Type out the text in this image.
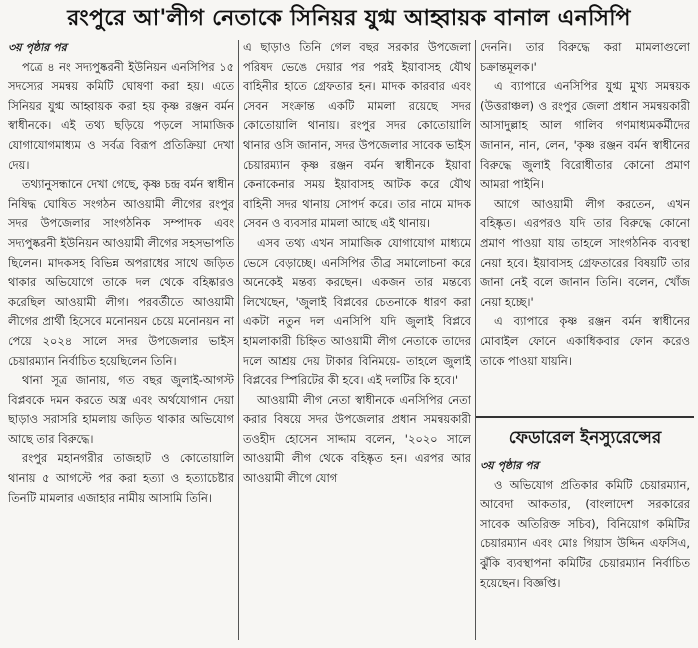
রংপুরে আ'লীগ নেতাকে সিনিয়র যুগ্ম আহ্বায়ক বানাল এনসিপি

৩য় পৃষ্ঠার পর

পত্রে ৪ নং সদ্যপুষ্করনী ইউনিয়ন এনসিপির ১৫ সদস্যের সমন্বয় কমিটি ঘোষণা করা হয়। এতে সিনিয়র যুগ্ম আহ্বায়ক করা হয় কৃষ্ণ রঞ্জন বর্মন স্বাধীনকে। এই তথ্য ছড়িয়ে পড়লে সামাজিক যোগাযোগমাধ্যম ও সর্বত্র বিরূপ প্রতিক্রিয়া দেখা দেয়।

তথ্যানুসন্ধানে দেখা গেছে, কৃষ্ণ চন্দ্র বর্মন স্বাধীন নিষিদ্ধ ঘোষিত সংগঠন আওয়ামী লীগের রংপুর সদর উপজেলার সাংগঠনিক সম্পাদক এবং সদ্যপুষ্করনী ইউনিয়ন আওয়ামী লীগের সহসভাপতি ছিলেন। মাদকসহ বিভিন্ন অপরাধের সাথে জড়িত থাকার অভিযোগে তাকে দল থেকে বহিষ্কারও করেছিল আওয়ামী লীগ। পরবর্তীতে আওয়ামী লীগের প্রার্থী হিসেবে মনোনয়ন চেয়ে মনোনয়ন না পেয়ে ২০২৪ সালে সদর উপজেলার ভাইস চেয়ারম্যান নির্বাচিত হয়েছিলেন তিনি।

থানা সূত্র জানায়, গত বছর জুলাই-আগস্ট বিপ্লবকে দমন করতে অস্ত্র এবং অর্থযোগান দেয়া ছাড়াও সরাসরি হামলায় জড়িত থাকার অভিযোগ আছে তার বিরুদ্ধে।

রংপুর মহানগরীর তাজহাট ও কোতোয়ালি থানায় ৫ আগস্টে পর করা হত্যা ও হত্যাচেষ্টার তিনটি মামলার এজাহার নামীয় আসামি তিনি।

এ ছাড়াও তিনি গেল বছর সরকার উপজেলা পরিষদ ভেঙে দেয়ার পর পরই ইয়াবাসহ যৌথ বাহিনীর হাতে গ্রেফতার হন। মাদক কারবার এবং সেবন সংক্রান্ত একটি মামলা রয়েছে সদর কোতোয়ালি থানায়। রংপুর সদর কোতোয়ালি থানার ওসি জানান, সদর উপজেলার সাবেক ভাইস চেয়ারম্যান কৃষ্ণ রঞ্জন বর্মন স্বাধীনকে ইয়াবা কেনাকেনার সময় ইয়াবাসহ আটক করে যৌথ বাহিনী সদর থানায় সোপর্দ করে। তার নামে মাদক সেবন ও ব্যবসার মামলা আছে এই থানায়।

এসব তথ্য এখন সামাজিক যোগাযোগ মাধ্যমে ভেসে বেড়াচ্ছে। এনসিপির তীব্র সমালোচনা করে অনেকেই মন্তব্য করছেন। একজন তার মন্তব্যে লিখেছেন, 'জুলাই বিপ্লবের চেতনাকে ধারণ করা একটা নতুন দল এনসিপি যদি জুলাই বিপ্লবে হামলাকারী চিহ্নিত আওয়ামী লীগ নেতাকে তাদের দলে আশ্রয় দেয় টাকার বিনিময়ে- তাহলে জুলাই বিপ্লবের স্পিরিটের কী হবে। এই দলটির কি হবে।'

আওয়ামী লীগ নেতা স্বাধীনকে এনসিপির নেতা করার বিষয়ে সদর উপজেলার প্রধান সমন্বয়কারী তওহীদ হোসেন সাদ্দাম বলেন, '২০২০ সালে আওয়ামী লীগ থেকে বহিষ্কৃত হন। এরপর আর আওয়ামী লীগে যোগ

দেননি। তার বিরুদ্ধে করা মামলাগুলো চক্রান্তমূলক।'

এ ব্যাপারে এনসিপির যুগ্ম মুখ্য সমন্বয়ক (উত্তরাঞ্চল) ও রংপুর জেলা প্রধান সমন্বয়কারী আসাদুল্লাহ আল গালিব গণমাধ্যমকর্মীদের জানান, নান, লেন, 'কৃষ্ণ রঞ্জন বর্মন স্বাধীনের বিরুদ্ধে জুলাই বিরোধীতার কোনো প্রমাণ আমরা পাইনি।

আগে আওয়ামী লীগ করতেন, এখন বহিষ্কৃত। এরপরও যদি তার বিরুদ্ধে কোনো প্রমাণ পাওয়া যায় তাহলে সাংগঠনিক ব্যবস্থা নেয়া হবে। ইয়াবাসহ গ্রেফতারের বিষয়টি তার জানা নেই বলে জানান তিনি। বলেন, খোঁজ নেয়া হচ্ছে।'

এ ব্যাপারে কৃষ্ণ রঞ্জন বর্মন স্বাধীনের মোবাইল ফোনে একাধিকবার ফোন করেও তাকে পাওয়া যায়নি।

ফেডারেল ইনস্যুরেন্সের

৩য় পৃষ্ঠার পর

ও অভিযোগ প্রতিকার কমিটি চেয়ারম্যান, আবেদা আকতার, (বাংলাদেশ সরকারের সাবেক অতিরিক্ত সচিব), বিনিয়োগ কমিটির চেয়ারম্যান এবং মোঃ গিয়াস উদ্দিন এফসিএ, ঝুঁকি ব্যবস্থাপনা কমিটির চেয়ারম্যান নির্বাচিত হয়েছেন। বিজ্ঞপ্তি।
